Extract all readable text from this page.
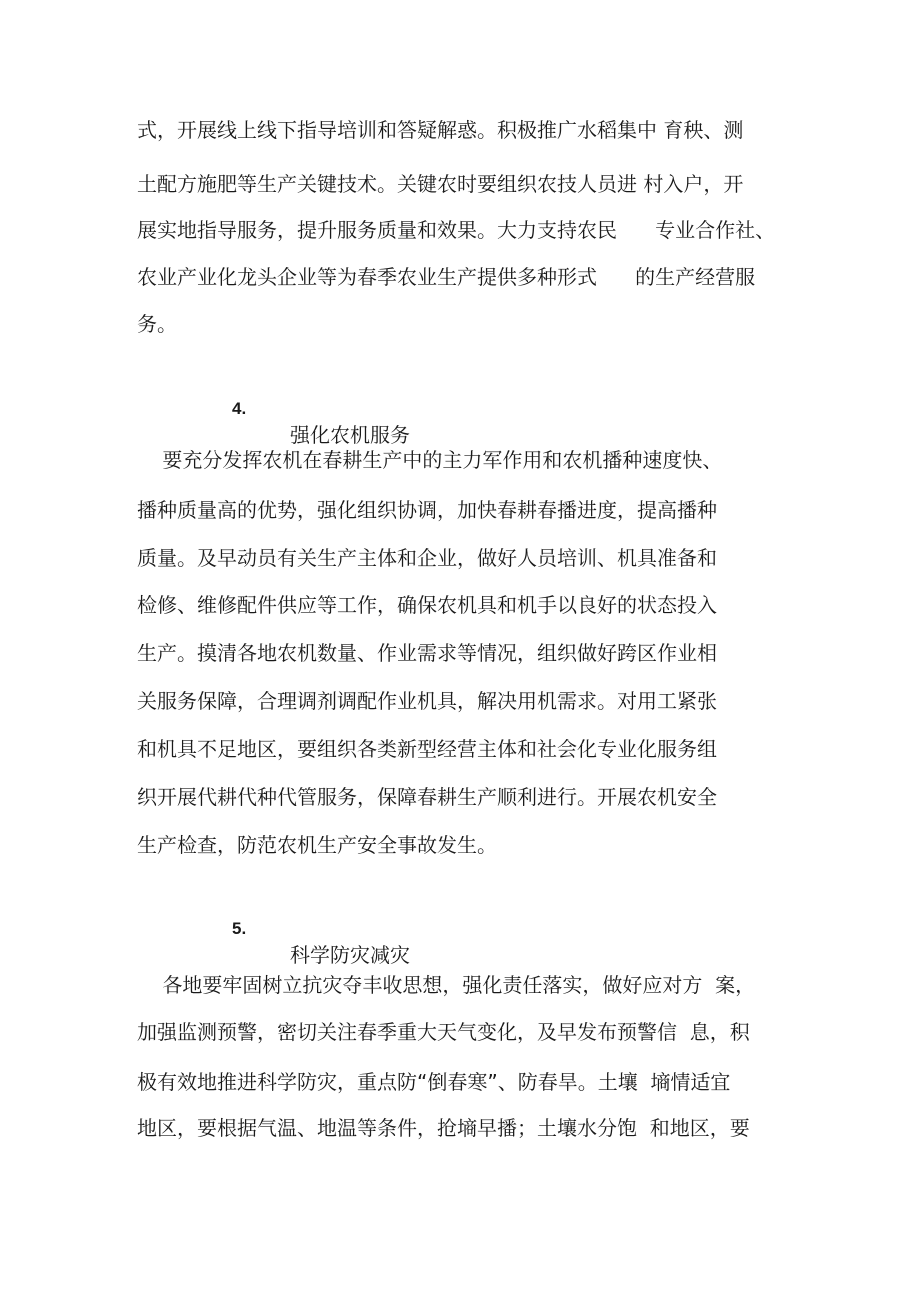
式，开展线上线下指导培训和答疑解惑。积极推广水稻集中 育秧、测

土配方施肥等生产关键技术。关键农时要组织农技人员进 村入户，开

展实地指导服务，提升服务质量和效果。大力支持农民      专业合作社、

农业产业化龙头企业等为春季农业生产提供多种形式      的生产经营服

务。

4.

强化农机服务

要充分发挥农机在春耕生产中的主力军作用和农机播种速度快、

播种质量高的优势，强化组织协调，加快春耕春播进度，提高播种

质量。及早动员有关生产主体和企业，做好人员培训、机具准备和

检修、维修配件供应等工作，确保农机具和机手以良好的状态投入

生产。摸清各地农机数量、作业需求等情况，组织做好跨区作业相

关服务保障，合理调剂调配作业机具，解决用机需求。对用工紧张

和机具不足地区，要组织各类新型经营主体和社会化专业化服务组

织开展代耕代种代管服务，保障春耕生产顺利进行。开展农机安全

生产检查，防范农机生产安全事故发生。

5.

科学防灾减灾

各地要牢固树立抗灾夺丰收思想，强化责任落实，做好应对方  案，

加强监测预警，密切关注春季重大天气变化，及早发布预警信  息，积

极有效地推进科学防灾，重点防“倒春寒”、防春旱。土壤  墒情适宜

地区，要根据气温、地温等条件，抢墒早播；土壤水分饱  和地区，要
